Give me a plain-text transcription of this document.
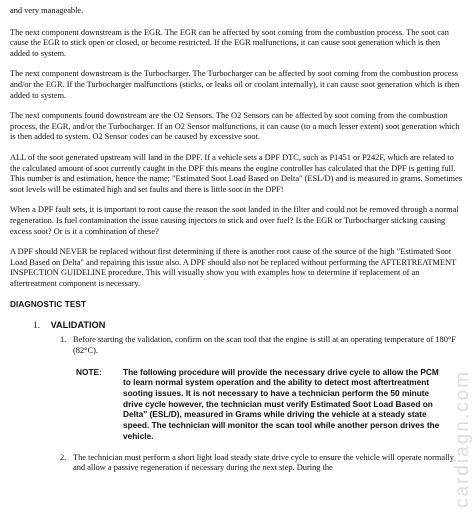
and very manageable.

The next component downstream is the EGR. The EGR can be affected by soot coming from the combustion process. The soot can cause the EGR to stick open or closed, or become restricted. If the EGR malfunctions, it can cause soot generation which is then added to system.

The next component downstream is the Turbocharger. The Turbocharger can be affected by soot coming from the combustion process and/or the EGR. If the Turbocharger malfunctions (sticks, or leaks oil or coolant internally), it can cause soot generation which is then added to system.

The next components found downstream are the O2 Sensors. The O2 Sensors can be affected by soot coming from the combustion process, the EGR, and/or the Turbocharger. If an O2 Sensor malfunctions, it can cause (to a much lesser extent) soot generation which is then added to system. O2 Sensor codes can be caused by excessive soot.

ALL of the soot generated upstream will land in the DPF. If a vehicle sets a DPF DTC, such as P1451 or P242F, which are related to the calculated amount of soot currently caught in the DPF this means the engine controller has calculated that the DPF is getting full. This number is and estimation, hence the name; "Estimated Soot Load Based on Delta" (ESL/D) and is measured in grams. Sometimes soot levels will be estimated high and set faults and there is little soot in the DPF!

When a DPF fault sets, it is important to root cause the reason the soot landed in the filter and could not be removed through a normal regeneration. Is fuel contamination the issue causing injectors to stick and over fuel? Is the EGR or Turbocharger sticking causing excess soot? Or is it a combination of these?

A DPF should NEVER be replaced without first determining if there is another root cause of the source of the high "Estimated Soot Load Based on Delta" and repairing this issue also. A DPF should also not be replaced without performing the AFTERTREATMENT INSPECTION GUIDELINE procedure. This will visually show you with examples how to determine if replacement of an aftertreatment component is necessary.

DIAGNOSTIC TEST
1. VALIDATION
1. Before starting the validation, confirm on the scan tool that the engine is still at an operating temperature of 180°F (82°C).
NOTE:	The following procedure will provide the necessary drive cycle to allow the PCM to learn normal system operation and the ability to detect most aftertreatment sooting issues. It is not necessary to have a technician perform the 50 minute drive cycle however, the technician must verify Estimated Soot Load Based on Delta" (ESL/D), measured in Grams while driving the vehicle at a steady state speed. The technician will monitor the scan tool while another person drives the vehicle.
2. The technician must perform a short light load steady state drive cycle to ensure the vehicle will operate normally and allow a passive regeneration if necessary during the next step. During the	cardiagn.com
